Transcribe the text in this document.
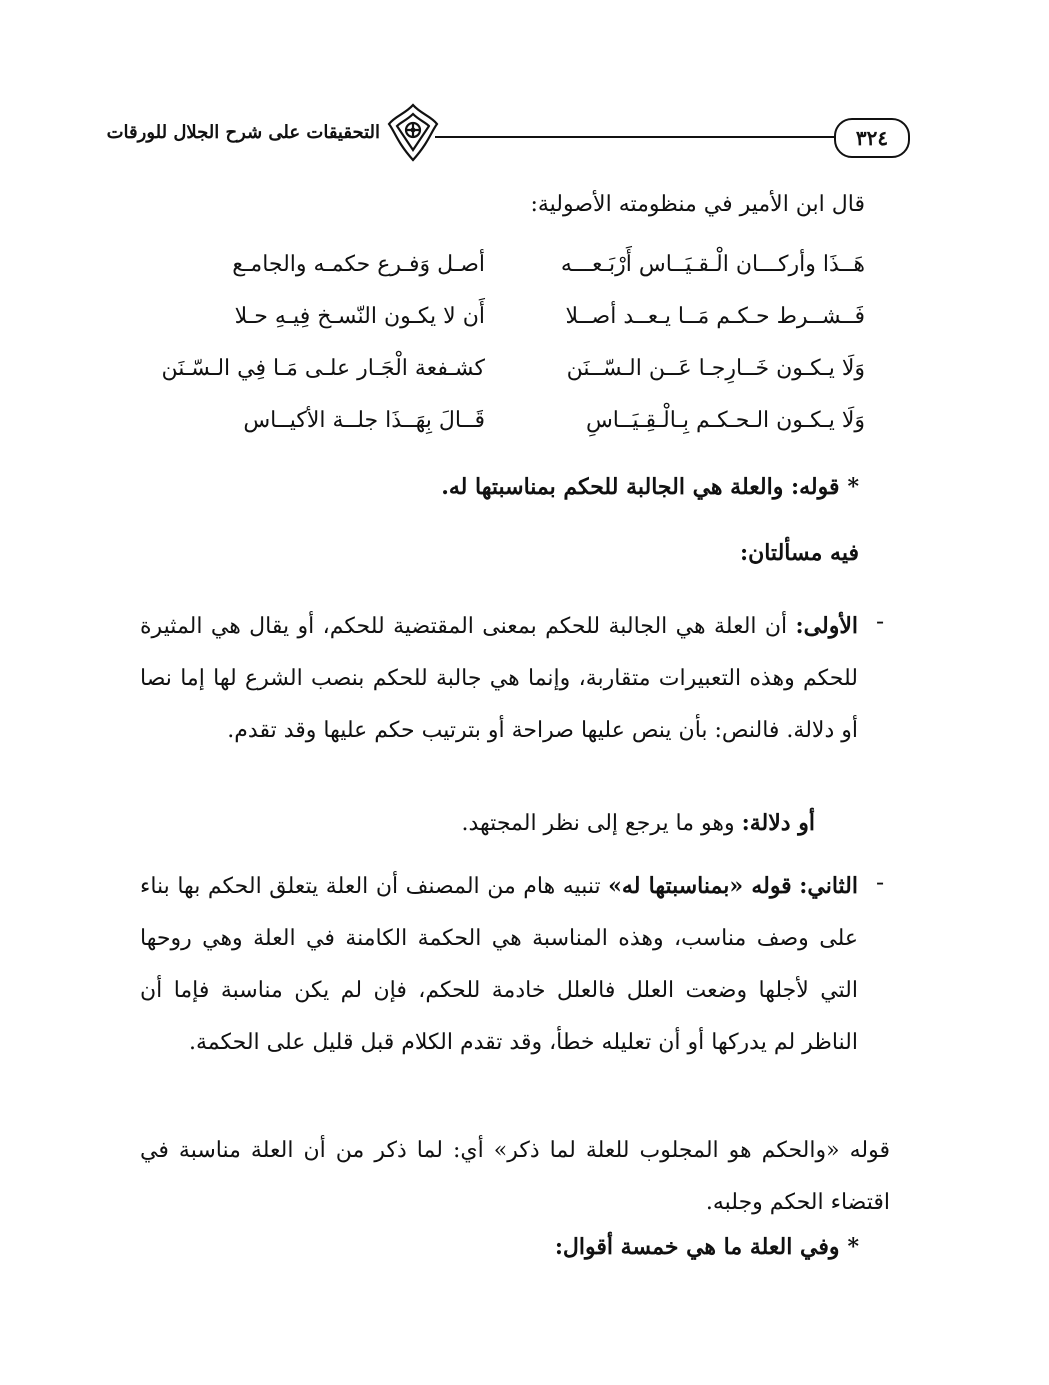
٣٢٤
التحقيقات على شرح الجلال للورقات
قال ابن الأمير في منظومته الأصولية:
هَــذَا وأركـــان الْـقـيَــاس أَرْبَـعـــه
أصـل وَفـرع حكمـه والجامـع
فَــشــرط حـكـم مَــا يـعــد أصــلا
أَن لا يكـون النّسـخ فِيـهِ حـلا
وَلَا يـكـون خَــارِجـا عَــن الـسّــنَن
كشـفعة الْجَـار علـى مَـا فِي الـسّـنَن
وَلَا يـكـون الـحـكـم بِـالْـقِـيَــاسِ
قَــالَ بِهَــذَا جلــة الأكيــاس
*قوله: والعلة هي الجالبة للحكم بمناسبتها له.
فيه مسألتان:
-
الأولى: أن العلة هي الجالبة للحكم بمعنى المقتضية للحكم، أو يقال هي المثيرة للحكم وهذه التعبيرات متقاربة، وإنما هي جالبة للحكم بنصب الشرع لها إما نصا أو دلالة. فالنص: بأن ينص عليها صراحة أو بترتيب حكم عليها وقد تقدم.
أو دلالة: وهو ما يرجع إلى نظر المجتهد.
-
الثاني: قوله «بمناسبتها له» تنبيه هام من المصنف أن العلة يتعلق الحكم بها بناء على وصف مناسب، وهذه المناسبة هي الحكمة الكامنة في العلة وهي روحها التي لأجلها وضعت العلل فالعلل خادمة للحكم، فإن لم يكن مناسبة فإما أن الناظر لم يدركها أو أن تعليله خطأ، وقد تقدم الكلام قبل قليل على الحكمة.
قوله «والحكم هو المجلوب للعلة لما ذكر» أي: لما ذكر من أن العلة مناسبة في اقتضاء الحكم وجلبه.
*وفي العلة ما هي خمسة أقوال:
